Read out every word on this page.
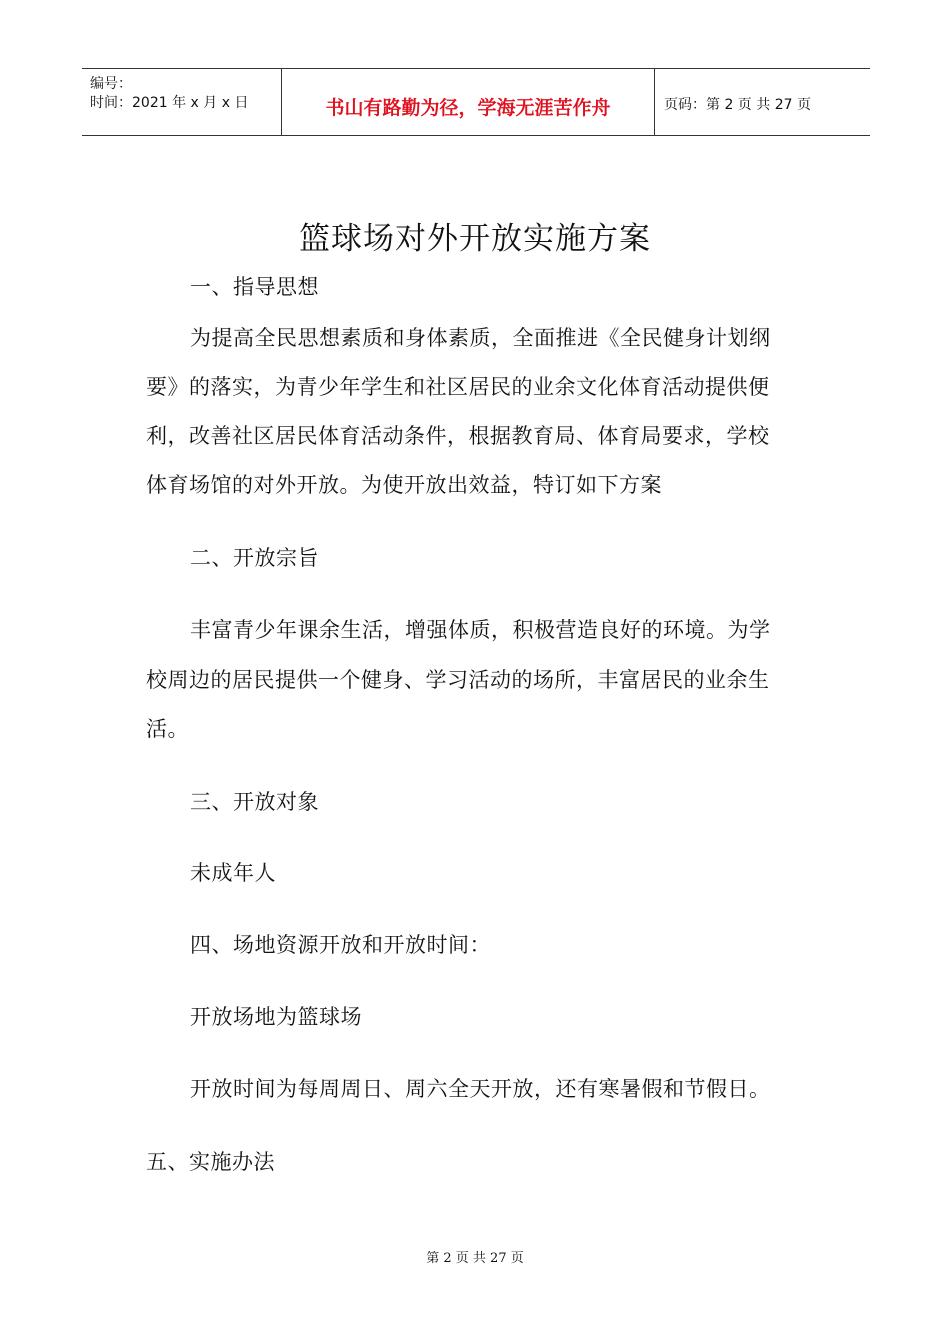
编号：
时间：2021 年 x 月 x 日	书山有路勤为径，学海无涯苦作舟	页码：第 2 页 共 27 页
篮球场对外开放实施方案
一、指导思想
为提高全民思想素质和身体素质，全面推进《全民健身计划纲
要》的落实，为青少年学生和社区居民的业余文化体育活动提供便
利，改善社区居民体育活动条件，根据教育局、体育局要求，学校
体育场馆的对外开放。为使开放出效益，特订如下方案
二、开放宗旨
丰富青少年课余生活，增强体质，积极营造良好的环境。为学
校周边的居民提供一个健身、学习活动的场所，丰富居民的业余生
活。
三、开放对象
未成年人
四、场地资源开放和开放时间：
开放场地为篮球场
开放时间为每周周日、周六全天开放，还有寒暑假和节假日。
五、实施办法
第 2 页 共 27 页
